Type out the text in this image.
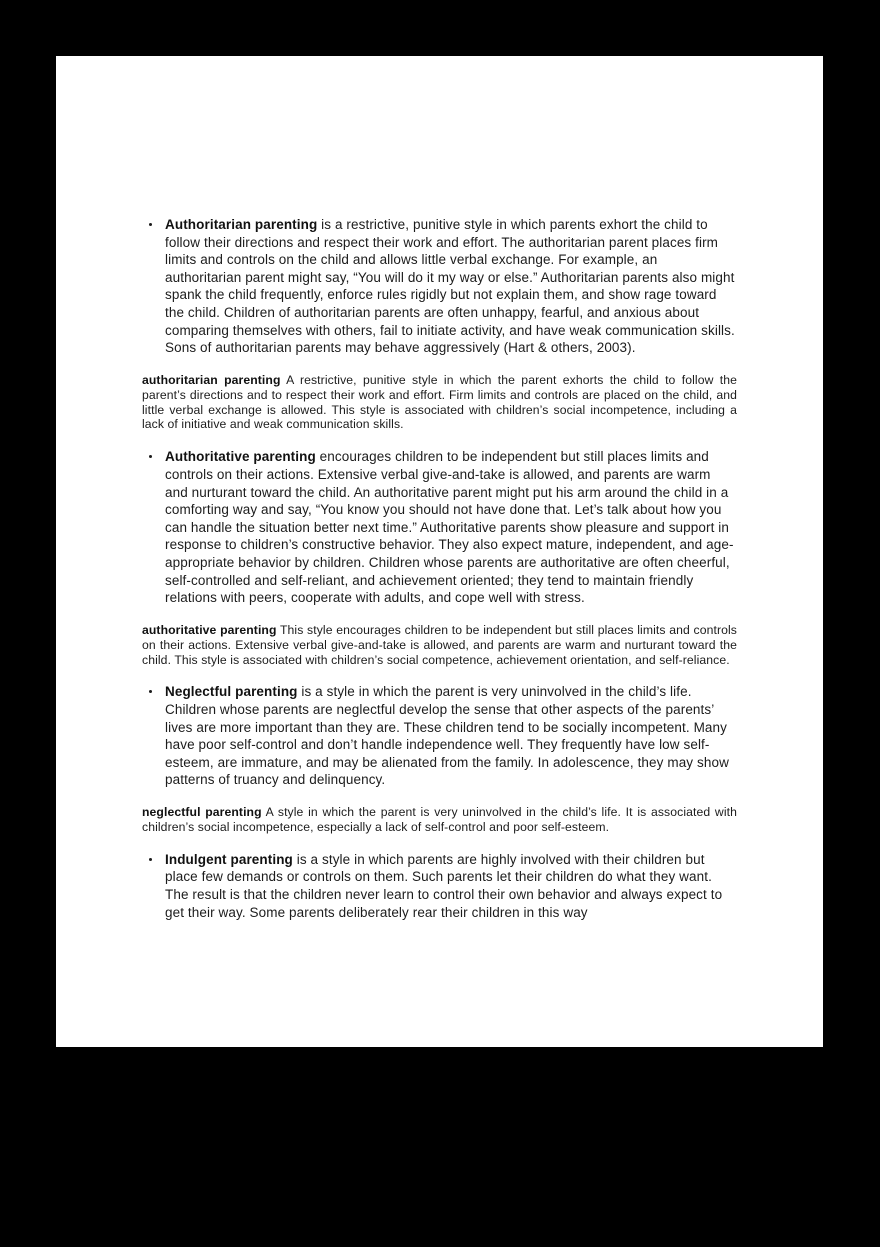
Authoritarian parenting is a restrictive, punitive style in which parents exhort the child to follow their directions and respect their work and effort. The authoritarian parent places firm limits and controls on the child and allows little verbal exchange. For example, an authoritarian parent might say, “You will do it my way or else.” Authoritarian parents also might spank the child frequently, enforce rules rigidly but not explain them, and show rage toward the child. Children of authoritarian parents are often unhappy, fearful, and anxious about comparing themselves with others, fail to initiate activity, and have weak communication skills. Sons of authoritarian parents may behave aggressively (Hart & others, 2003).

authoritarian parenting A restrictive, punitive style in which the parent exhorts the child to follow the parent’s directions and to respect their work and effort. Firm limits and controls are placed on the child, and little verbal exchange is allowed. This style is associated with children’s social incompetence, including a lack of initiative and weak communication skills.

Authoritative parenting encourages children to be independent but still places limits and controls on their actions. Extensive verbal give-and-take is allowed, and parents are warm and nurturant toward the child. An authoritative parent might put his arm around the child in a comforting way and say, “You know you should not have done that. Let’s talk about how you can handle the situation better next time.” Authoritative parents show pleasure and support in response to children’s constructive behavior. They also expect mature, independent, and age-appropriate behavior by children. Children whose parents are authoritative are often cheerful, self-controlled and self-reliant, and achievement oriented; they tend to maintain friendly relations with peers, cooperate with adults, and cope well with stress.

authoritative parenting This style encourages children to be independent but still places limits and controls on their actions. Extensive verbal give-and-take is allowed, and parents are warm and nurturant toward the child. This style is associated with children’s social competence, achievement orientation, and self-reliance.

Neglectful parenting is a style in which the parent is very uninvolved in the child’s life. Children whose parents are neglectful develop the sense that other aspects of the parents’ lives are more important than they are. These children tend to be socially incompetent. Many have poor self-control and don’t handle independence well. They frequently have low self-esteem, are immature, and may be alienated from the family. In adolescence, they may show patterns of truancy and delinquency.

neglectful parenting A style in which the parent is very uninvolved in the child’s life. It is associated with children’s social incompetence, especially a lack of self-control and poor self-esteem.

Indulgent parenting is a style in which parents are highly involved with their children but place few demands or controls on them. Such parents let their children do what they want. The result is that the children never learn to control their own behavior and always expect to get their way. Some parents deliberately rear their children in this way
